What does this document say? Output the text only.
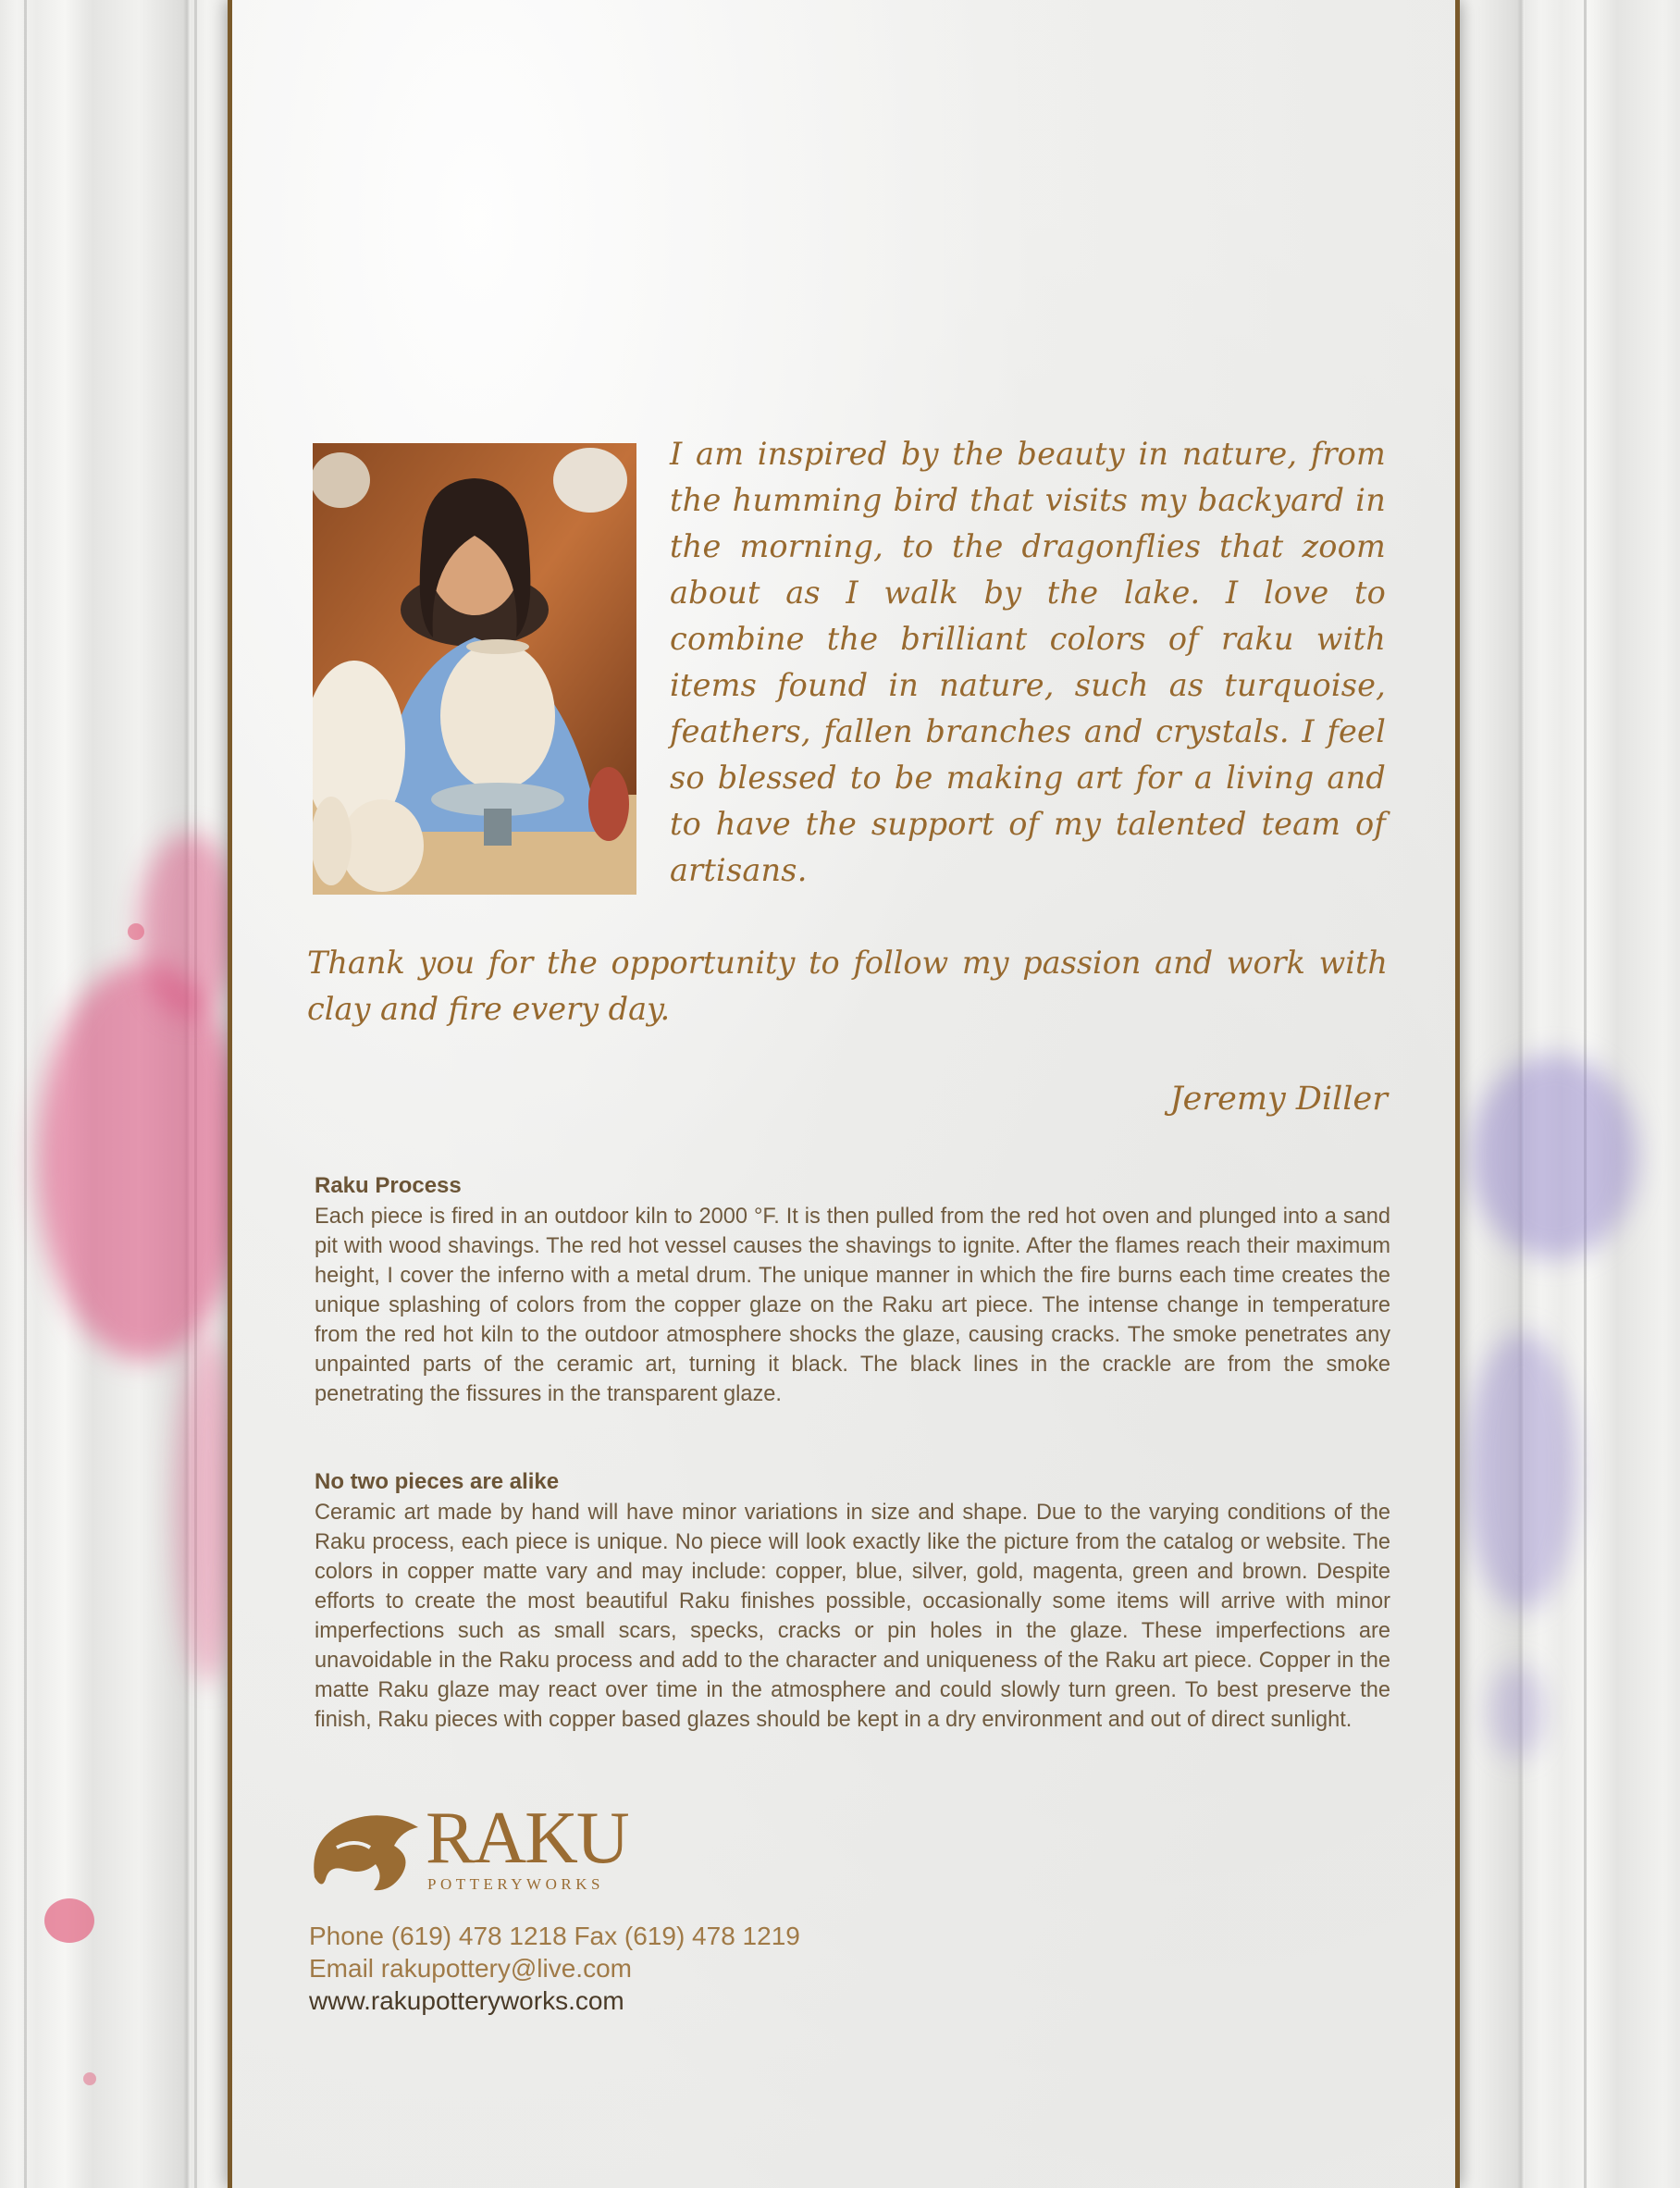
I am inspired by the beauty in nature, from the humming bird that visits my backyard in the morning, to the dragonflies that zoom about as I walk by the lake. I love to combine the brilliant colors of raku with items found in nature, such as turquoise, feathers, fallen branches and crystals. I feel so blessed to be making art for a living and to have the support of my talented team of artisans.
Thank you for the opportunity to follow my passion and work with clay and fire every day.
Jeremy Diller
Raku Process
Each piece is fired in an outdoor kiln to 2000 °F. It is then pulled from the red hot oven and plunged into a sand pit with wood shavings. The red hot vessel causes the shavings to ignite. After the flames reach their maximum height, I cover the inferno with a metal drum. The unique manner in which the fire burns each time creates the unique splashing of colors from the copper glaze on the Raku art piece. The intense change in temperature from the red hot kiln to the outdoor atmosphere shocks the glaze, causing cracks. The smoke penetrates any unpainted parts of the ceramic art, turning it black. The black lines in the crackle are from the smoke penetrating the fissures in the transparent glaze.
No two pieces are alike
Ceramic art made by hand will have minor variations in size and shape. Due to the varying conditions of the Raku process, each piece is unique. No piece will look exactly like the picture from the catalog or website. The colors in copper matte vary and may include: copper, blue, silver, gold, magenta, green and brown. Despite efforts to create the most beautiful Raku finishes possible, occasionally some items will arrive with minor imperfections such as small scars, specks, cracks or pin holes in the glaze. These imperfections are unavoidable in the Raku process and add to the character and uniqueness of the Raku art piece. Copper in the matte Raku glaze may react over time in the atmosphere and could slowly turn green. To best preserve the finish, Raku pieces with copper based glazes should be kept in a dry environment and out of direct sunlight.
RAKU
POTTERYWORKS
Phone (619) 478 1218 Fax (619) 478 1219
Email rakupottery@live.com
www.rakupotteryworks.com
